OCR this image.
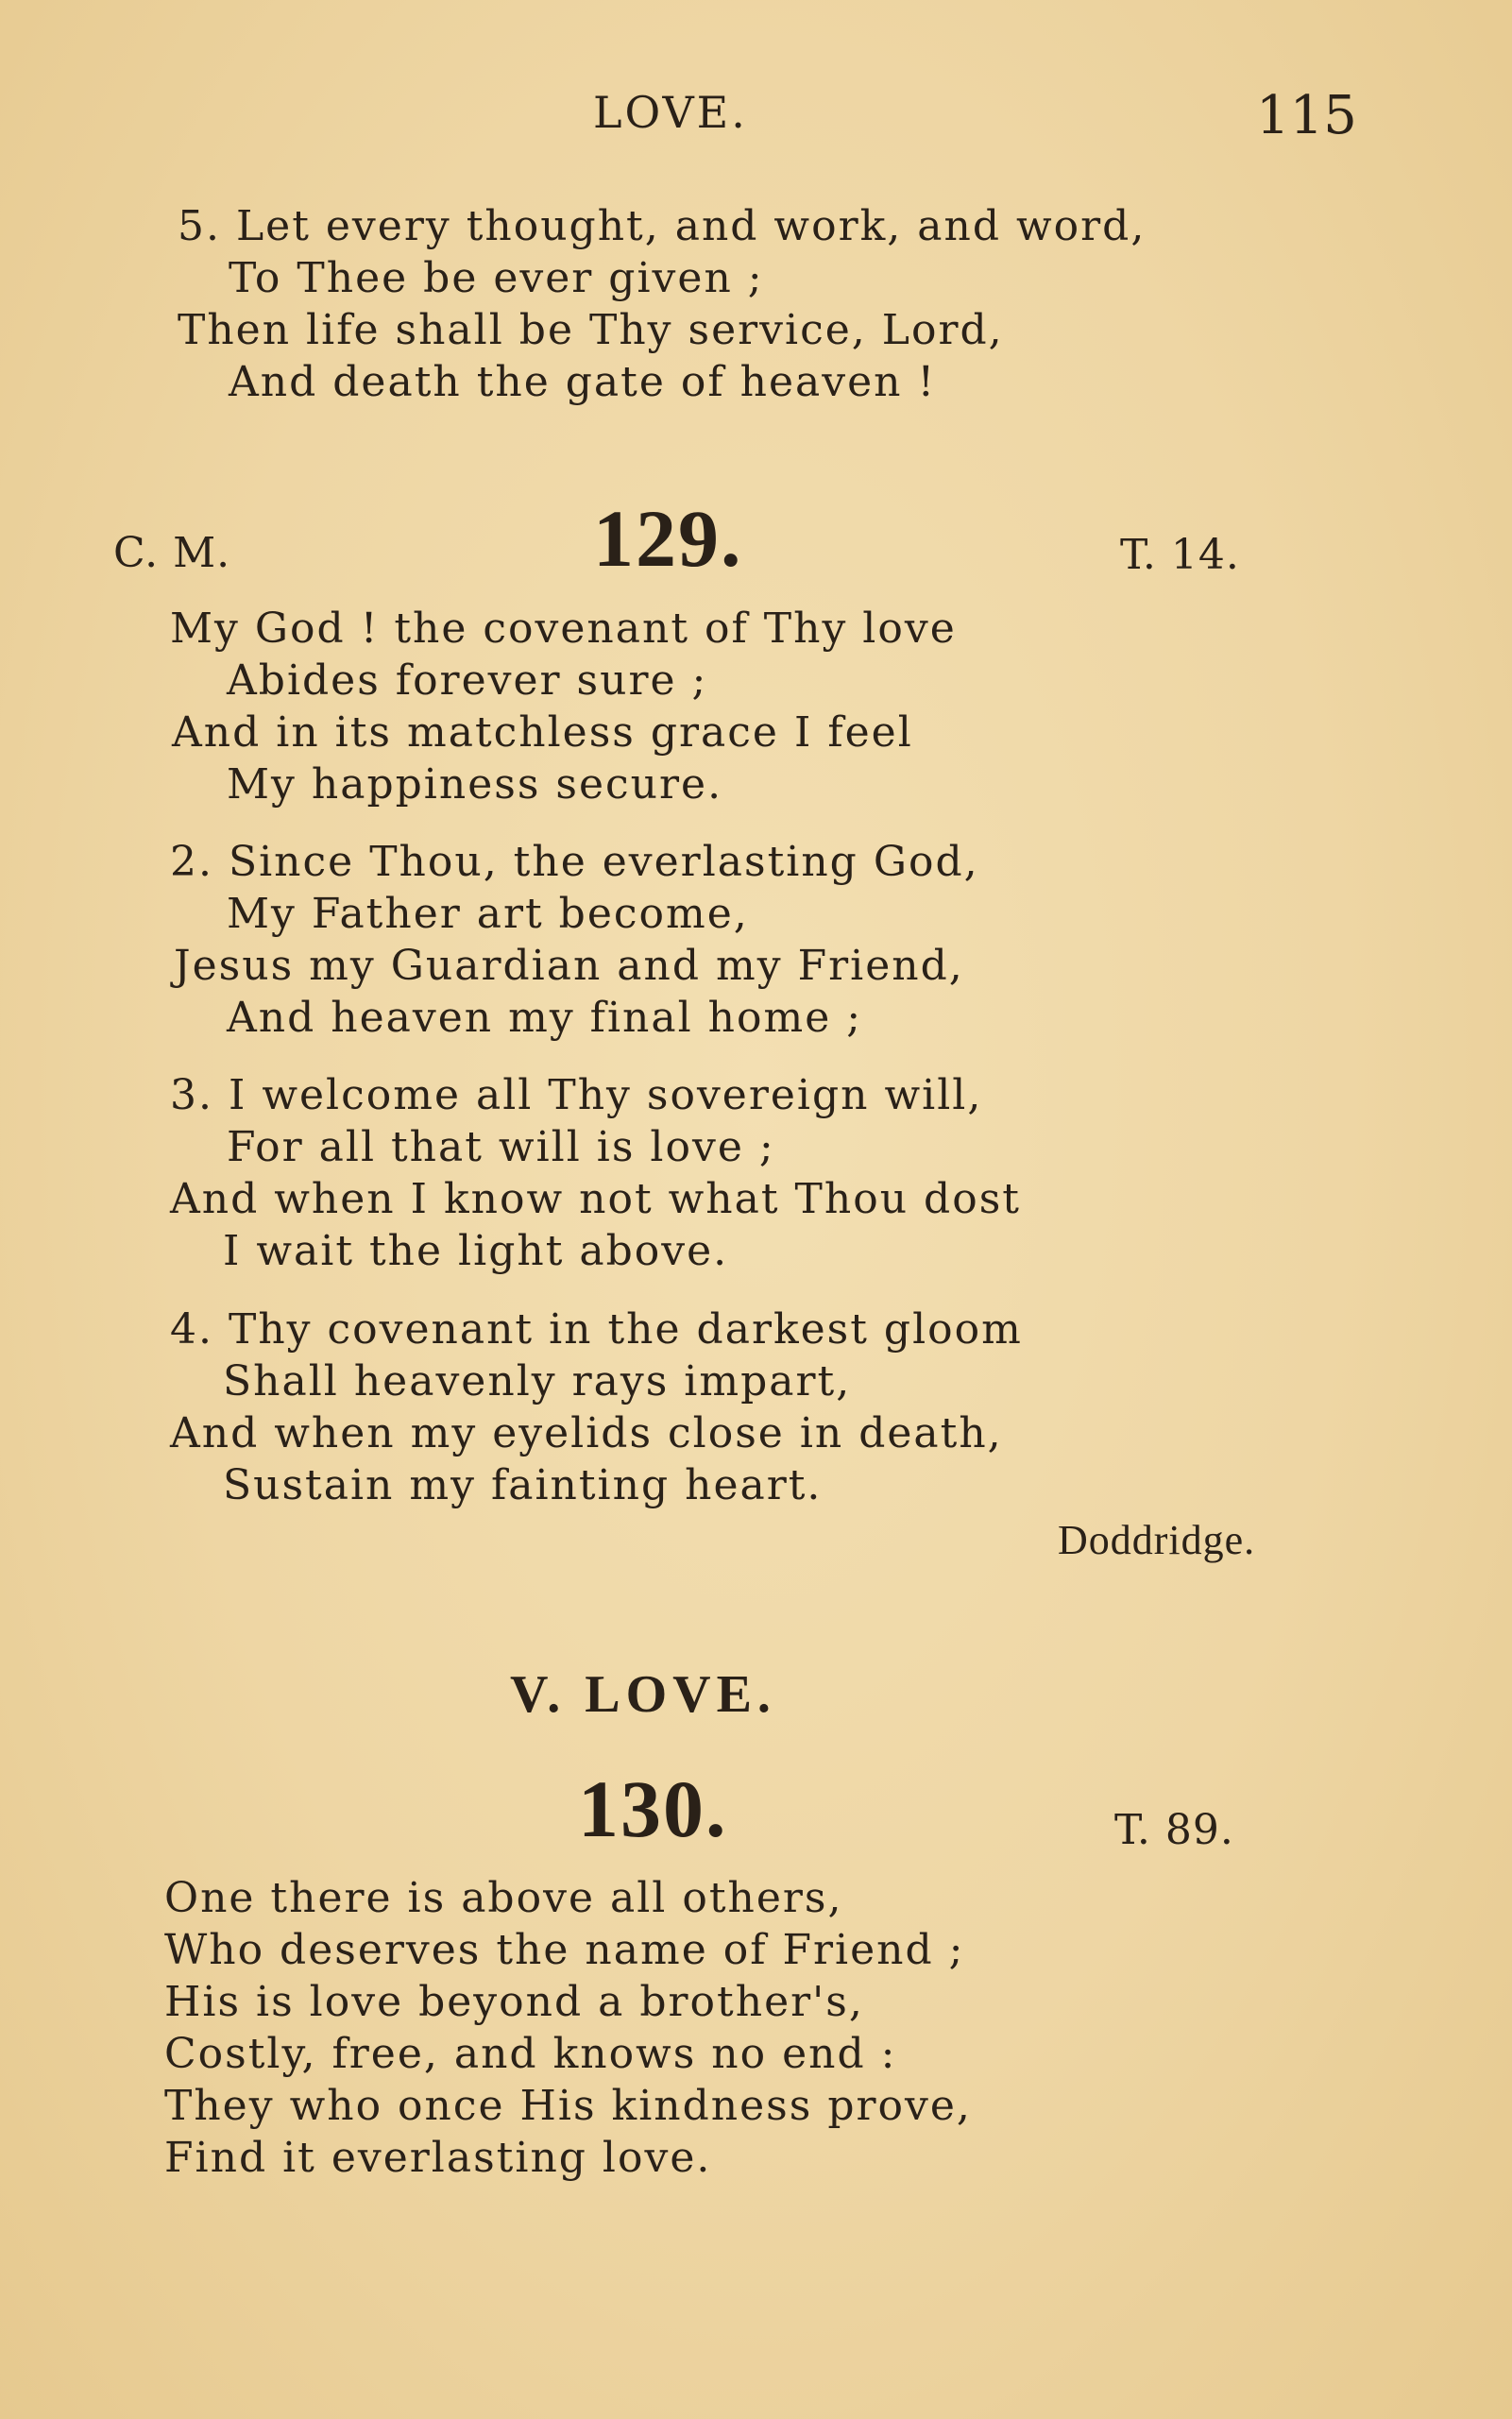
LOVE.	115
5. Let every thought, and work, and word,
To Thee be ever given ;
Then life shall be Thy service, Lord,
And death the gate of heaven !
C. M.	129.	T. 14.
My God ! the covenant of Thy love
Abides forever sure ;
And in its matchless grace I feel
My happiness secure.
2. Since Thou, the everlasting God,
My Father art become,
Jesus my Guardian and my Friend,
And heaven my final home ;
3. I welcome all Thy sovereign will,
For all that will is love ;
And when I know not what Thou dost
I wait the light above.
4. Thy covenant in the darkest gloom
Shall heavenly rays impart,
And when my eyelids close in death,
Sustain my fainting heart.
Doddridge.
V. LOVE.
130.	T. 89.
One there is above all others,
Who deserves the name of Friend ;
His is love beyond a brother's,
Costly, free, and knows no end :
They who once His kindness prove,
Find it everlasting love.
